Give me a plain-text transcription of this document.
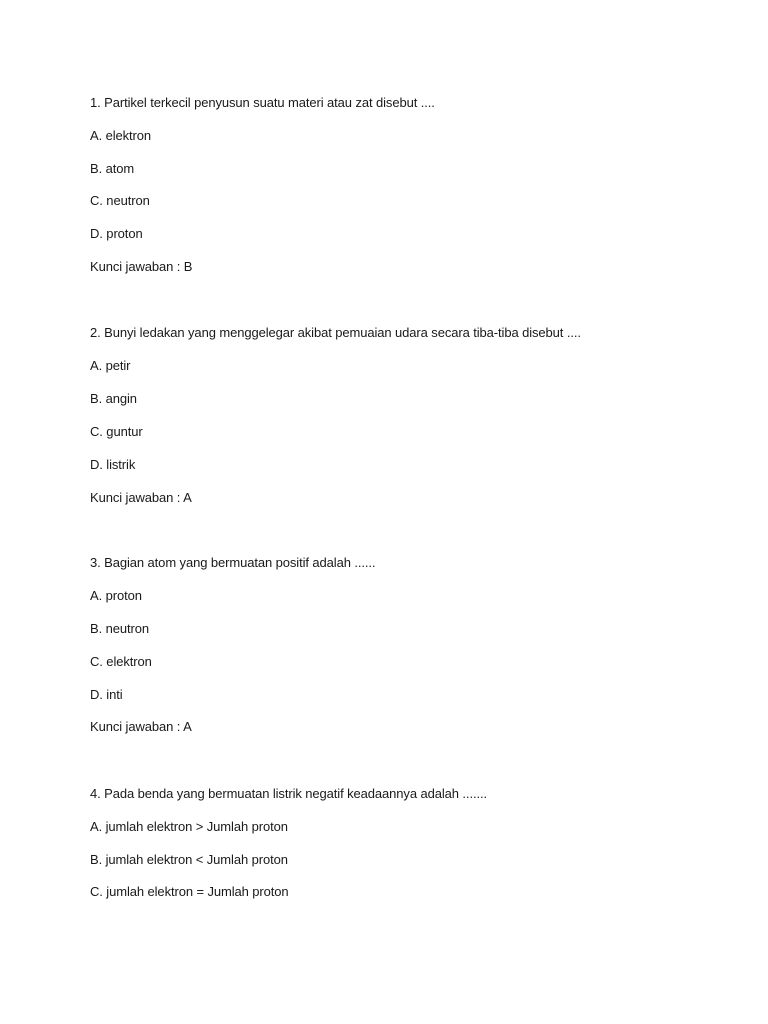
1. Partikel terkecil penyusun suatu materi atau zat disebut ....
A. elektron
B. atom
C. neutron
D. proton
Kunci jawaban : B
2. Bunyi ledakan yang menggelegar akibat pemuaian udara secara tiba-tiba disebut ....
A. petir
B. angin
C. guntur
D. listrik
Kunci jawaban : A
3. Bagian atom yang bermuatan positif adalah ......
A. proton
B. neutron
C. elektron
D. inti
Kunci jawaban : A
4. Pada benda yang bermuatan listrik negatif keadaannya adalah .......
A. jumlah elektron > Jumlah proton
B. jumlah elektron < Jumlah proton
C. jumlah elektron = Jumlah proton
